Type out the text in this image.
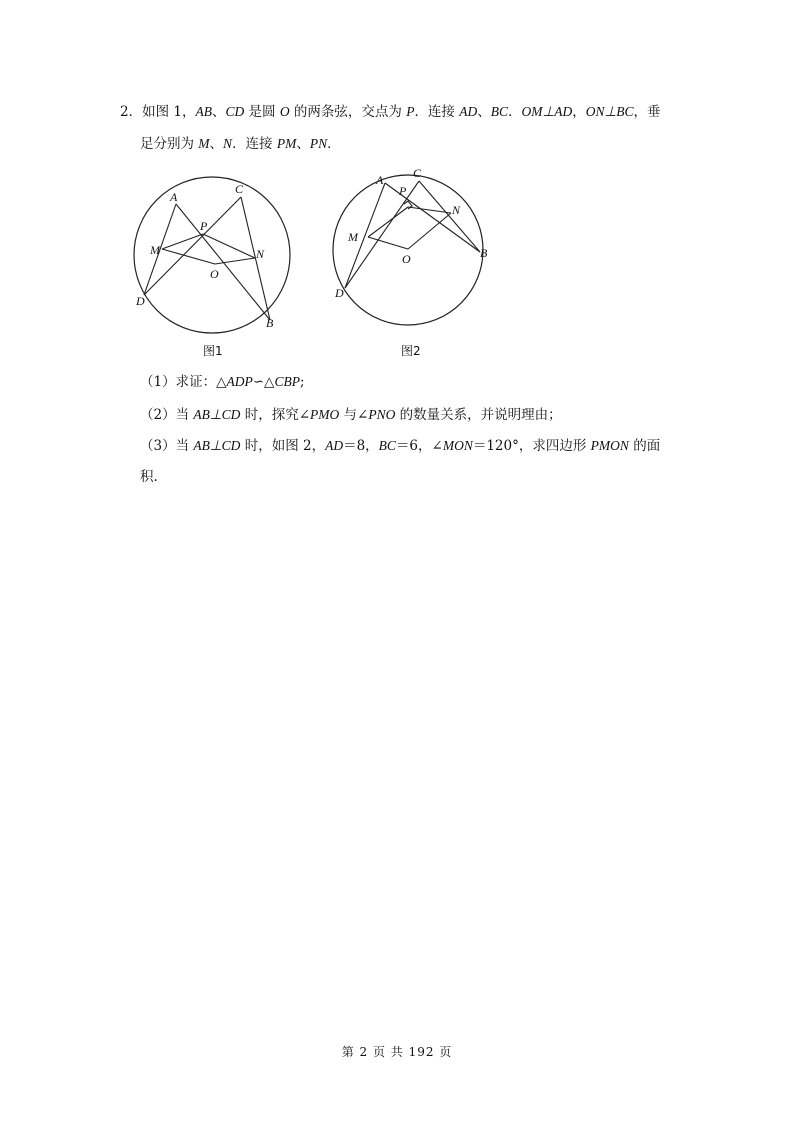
2．如图 1，AB、CD 是圆 O 的两条弦，交点为 P．连接 AD、BC．OM⊥AD，ON⊥BC，垂
足分别为 M、N．连接 PM、PN．
A
C
P
M	N
O
D
B
图1
A C
P
N
M
O
D
B
图2
（1）求证：△ADP∽△CBP;
（2）当 AB⊥CD 时，探究∠PMO 与∠PNO 的数量关系，并说明理由；
（3）当 AB⊥CD 时，如图 2，AD＝8，BC＝6，∠MON＝120°，求四边形 PMON 的面
积.
第 2 页 共 192 页
